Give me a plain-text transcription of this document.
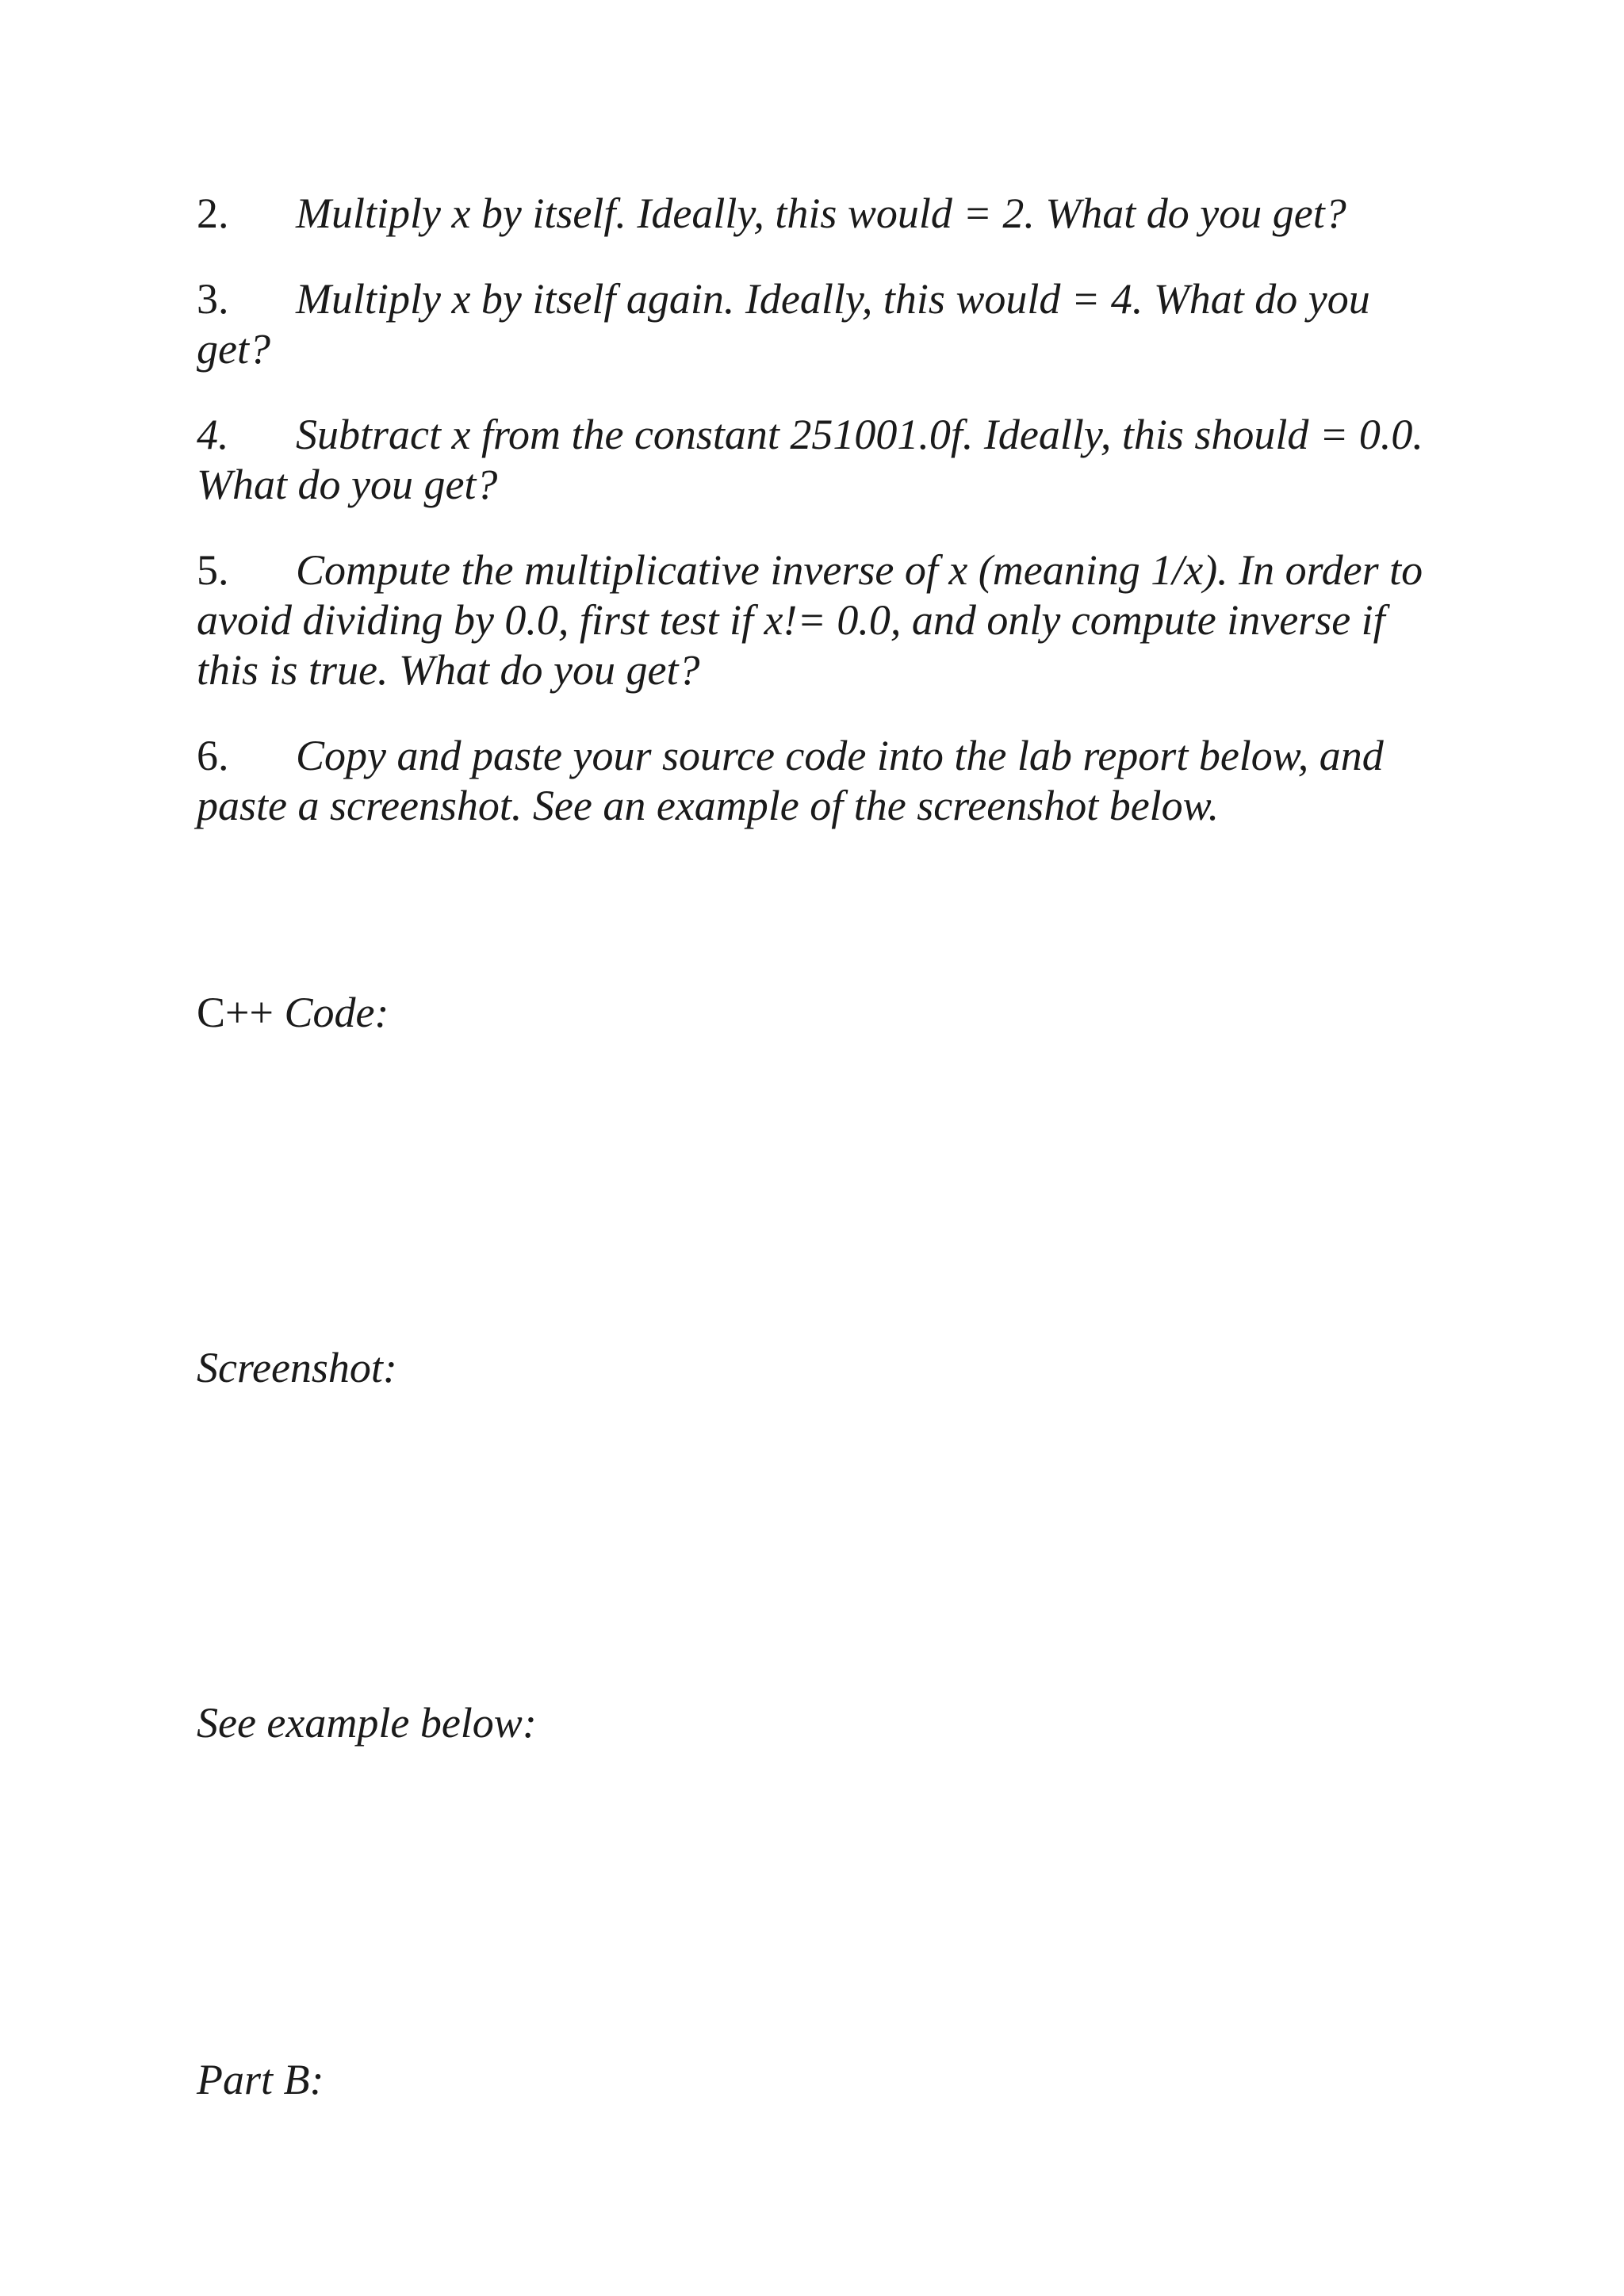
2. Multiply x by itself. Ideally, this would = 2. What do you get?

3. Multiply x by itself again. Ideally, this would = 4. What do you get?

4. Subtract x from the constant 251001.0f. Ideally, this should = 0.0. What do you get?

5. Compute the multiplicative inverse of x (meaning 1/x). In order to avoid dividing by 0.0, first test if x!= 0.0, and only compute inverse if this is true. What do you get?

6. Copy and paste your source code into the lab report below, and paste a screenshot. See an example of the screenshot below.

C++ Code:
Screenshot:
See example below:
Part B:
